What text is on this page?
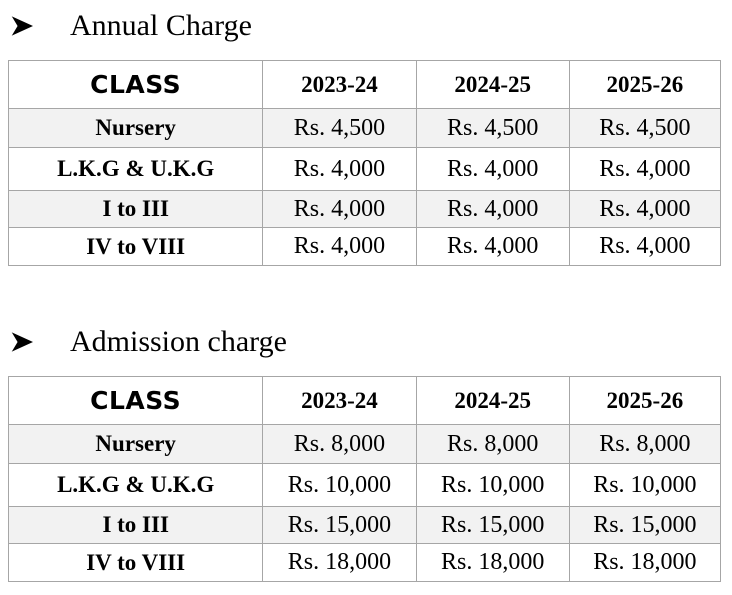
Annual Charge
CLASS	2023-24	2024-25	2025-26
Nursery	Rs. 4,500	Rs. 4,500	Rs. 4,500
L.K.G & U.K.G	Rs. 4,000	Rs. 4,000	Rs. 4,000
I to III	Rs. 4,000	Rs. 4,000	Rs. 4,000
IV to VIII	Rs. 4,000	Rs. 4,000	Rs. 4,000
Admission charge
CLASS	2023-24	2024-25	2025-26
Nursery	Rs. 8,000	Rs. 8,000	Rs. 8,000
L.K.G & U.K.G	Rs. 10,000	Rs. 10,000	Rs. 10,000
I to III	Rs. 15,000	Rs. 15,000	Rs. 15,000
IV to VIII	Rs. 18,000	Rs. 18,000	Rs. 18,000
